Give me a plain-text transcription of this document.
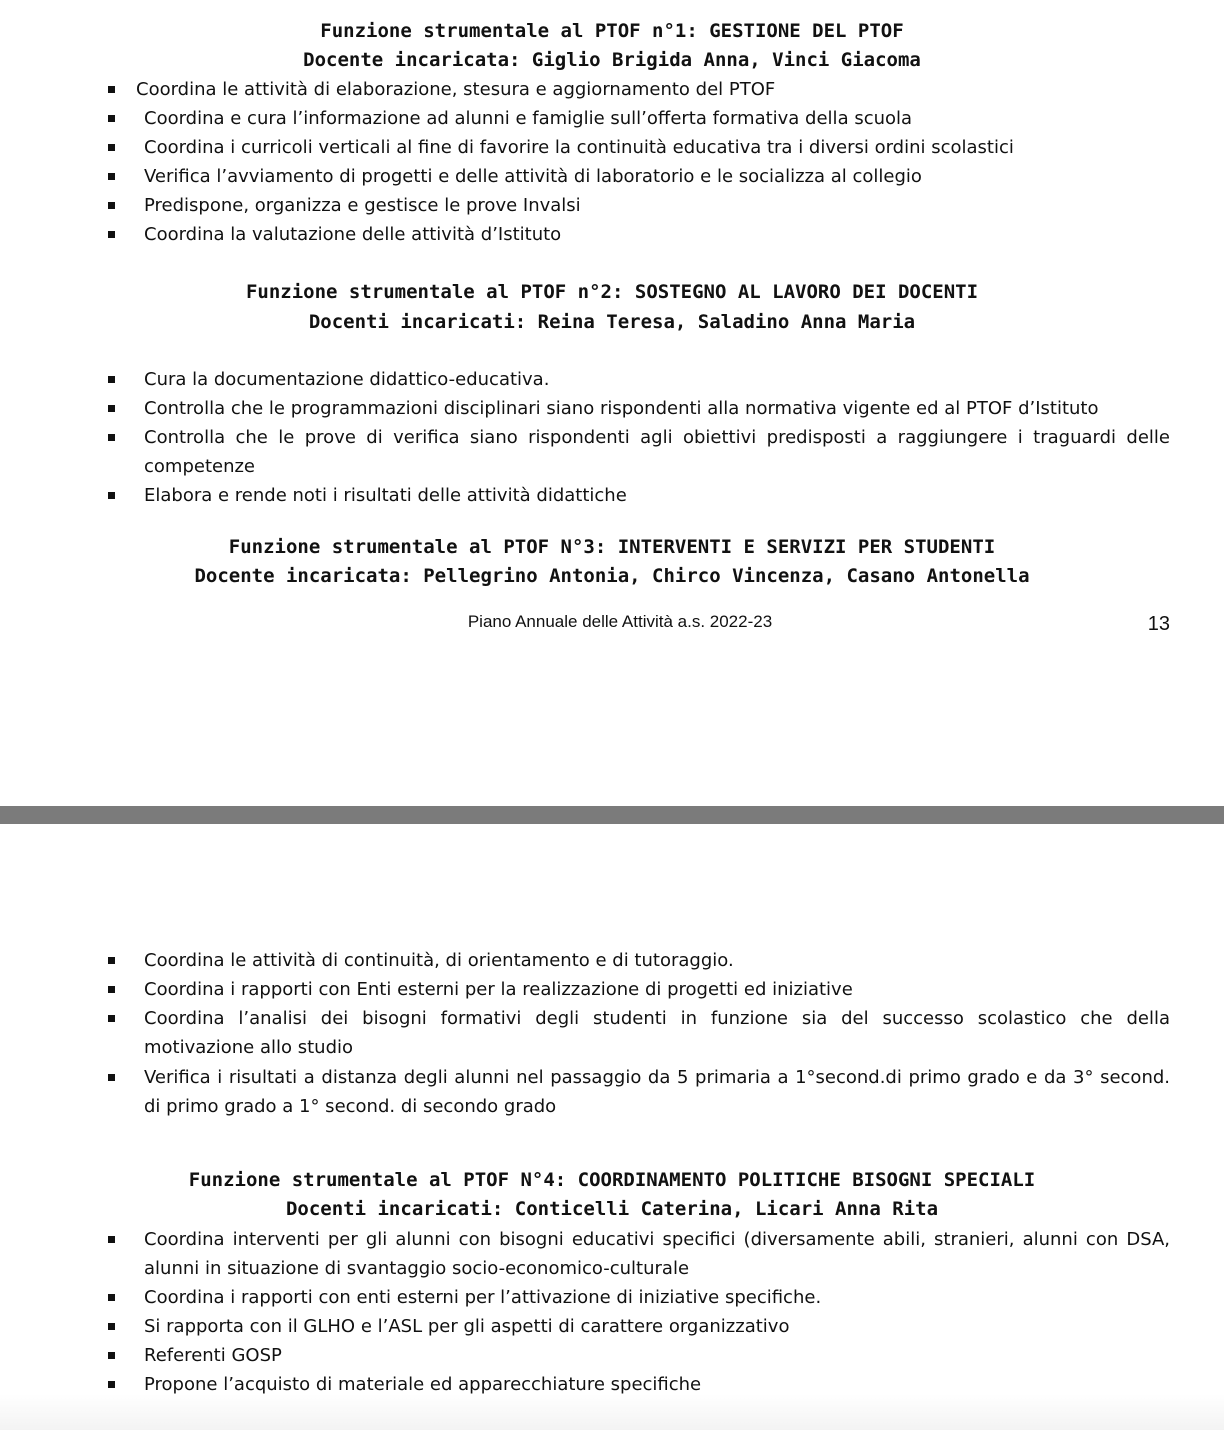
Funzione strumentale al PTOF n°1: GESTIONE DEL PTOF
Docente incaricata: Giglio Brigida Anna, Vinci Giacoma
Coordina le attività di elaborazione, stesura e aggiornamento del PTOF
Coordina e cura l’informazione ad alunni e famiglie sull’offerta formativa della scuola
Coordina i curricoli verticali al fine di favorire la continuità educativa tra i diversi ordini scolastici
Verifica l’avviamento di progetti e delle attività di laboratorio e le socializza al collegio
Predispone, organizza e gestisce le prove Invalsi
Coordina la valutazione delle attività d’Istituto
Funzione strumentale al PTOF n°2: SOSTEGNO AL LAVORO DEI DOCENTI
Docenti incaricati: Reina Teresa, Saladino Anna Maria
Cura la documentazione didattico-educativa.
Controlla che le programmazioni disciplinari siano rispondenti alla normativa vigente ed al PTOF d’Istituto
Controlla che le prove di verifica siano rispondenti agli obiettivi predisposti a raggiungere i traguardi delle competenze
Elabora e rende noti i risultati delle attività didattiche
Funzione strumentale al PTOF N°3: INTERVENTI E SERVIZI PER STUDENTI
Docente incaricata: Pellegrino Antonia, Chirco Vincenza, Casano Antonella
Piano Annuale delle Attività a.s. 2022-23	13
Coordina le attività di continuità, di orientamento e di tutoraggio.
Coordina i rapporti con Enti esterni per la realizzazione di progetti ed iniziative
Coordina l’analisi dei bisogni formativi degli studenti in funzione sia del successo scolastico che della motivazione allo studio
Verifica i risultati a distanza degli alunni nel passaggio da 5 primaria a 1°second.di primo grado e da 3° second. di primo grado a 1° second. di secondo grado
Funzione strumentale al PTOF N°4: COORDINAMENTO POLITICHE BISOGNI SPECIALI
Docenti incaricati: Conticelli Caterina, Licari Anna Rita
Coordina interventi per gli alunni con bisogni educativi specifici (diversamente abili, stranieri, alunni con DSA, alunni in situazione di svantaggio socio-economico-culturale
Coordina i rapporti con enti esterni per l’attivazione di iniziative specifiche.
Si rapporta con il GLHO e l’ASL per gli aspetti di carattere organizzativo
Referenti GOSP
Propone l’acquisto di materiale ed apparecchiature specifiche
